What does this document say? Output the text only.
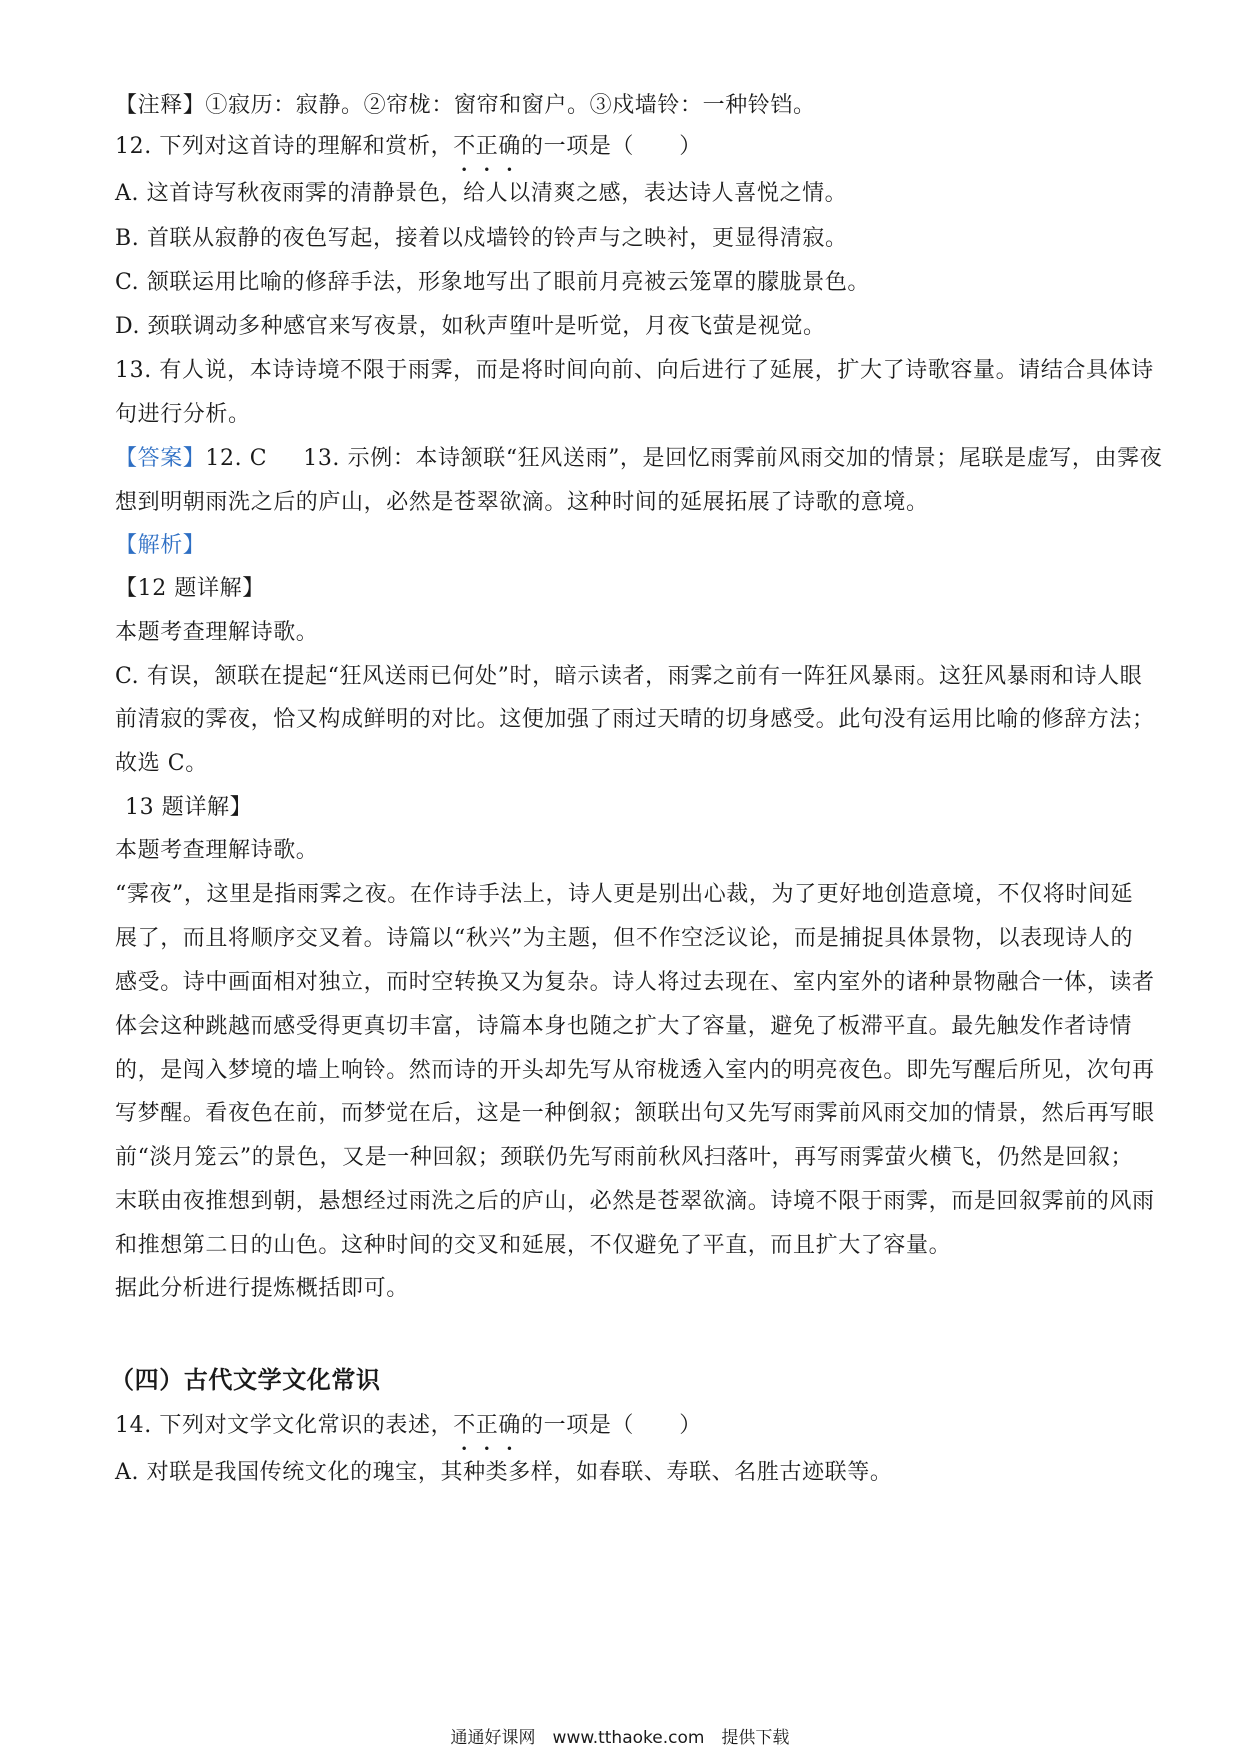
【注释】①寂历：寂静。②帘栊：窗帘和窗户。③戍墙铃：一种铃铛。
12. 下列对这首诗的理解和赏析，不正确的一项是（　　）
A. 这首诗写秋夜雨霁的清静景色，给人以清爽之感，表达诗人喜悦之情。
B. 首联从寂静的夜色写起，接着以戍墙铃的铃声与之映衬，更显得清寂。
C. 颔联运用比喻的修辞手法，形象地写出了眼前月亮被云笼罩的朦胧景色。
D. 颈联调动多种感官来写夜景，如秋声堕叶是听觉，月夜飞萤是视觉。
13. 有人说，本诗诗境不限于雨霁，而是将时间向前、向后进行了延展，扩大了诗歌容量。请结合具体诗
句进行分析。
【答案】12. C 13. 示例：本诗颔联“狂风送雨”，是回忆雨霁前风雨交加的情景；尾联是虚写，由霁夜
想到明朝雨洗之后的庐山，必然是苍翠欲滴。这种时间的延展拓展了诗歌的意境。
【解析】
【12 题详解】
本题考查理解诗歌。
C. 有误，颔联在提起“狂风送雨已何处”时，暗示读者，雨霁之前有一阵狂风暴雨。这狂风暴雨和诗人眼
前清寂的霁夜，恰又构成鲜明的对比。这便加强了雨过天晴的切身感受。此句没有运用比喻的修辞方法；
故选 C。
13 题详解】
本题考查理解诗歌。
“霁夜”，这里是指雨霁之夜。在作诗手法上，诗人更是别出心裁，为了更好地创造意境，不仅将时间延
展了，而且将顺序交叉着。诗篇以“秋兴”为主题，但不作空泛议论，而是捕捉具体景物，以表现诗人的
感受。诗中画面相对独立，而时空转换又为复杂。诗人将过去现在、室内室外的诸种景物融合一体，读者
体会这种跳越而感受得更真切丰富，诗篇本身也随之扩大了容量，避免了板滞平直。最先触发作者诗情
的，是闯入梦境的墙上响铃。然而诗的开头却先写从帘栊透入室内的明亮夜色。即先写醒后所见，次句再
写梦醒。看夜色在前，而梦觉在后，这是一种倒叙；颔联出句又先写雨霁前风雨交加的情景，然后再写眼
前“淡月笼云”的景色，又是一种回叙；颈联仍先写雨前秋风扫落叶，再写雨霁萤火横飞，仍然是回叙；
末联由夜推想到朝，悬想经过雨洗之后的庐山，必然是苍翠欲滴。诗境不限于雨霁，而是回叙霁前的风雨
和推想第二日的山色。这种时间的交叉和延展，不仅避免了平直，而且扩大了容量。
据此分析进行提炼概括即可。
（四）古代文学文化常识
14. 下列对文学文化常识的表述，不正确的一项是（　　）
A. 对联是我国传统文化的瑰宝，其种类多样，如春联、寿联、名胜古迹联等。
通通好课网　www.tthaoke.com　提供下载
